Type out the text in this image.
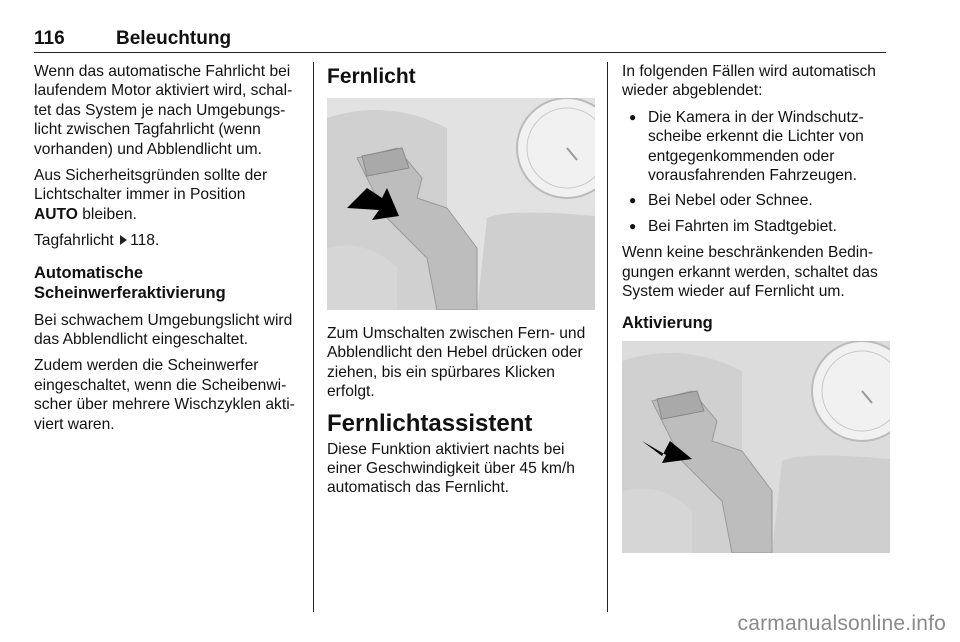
116	Beleuchtung

Wenn das automatische Fahrlicht bei laufendem Motor aktiviert wird, schal-tet das System je nach Umgebungs-licht zwischen Tagfahrlicht (wenn vorhanden) und Abblendlicht um.

Aus Sicherheitsgründen sollte der Lichtschalter immer in Position
AUTO bleiben.

Tagfahrlicht 118.

Automatische Scheinwerferaktivierung

Bei schwachem Umgebungslicht wird das Abblendlicht eingeschaltet.

Zudem werden die Scheinwerfer eingeschaltet, wenn die Scheibenwi-scher über mehrere Wischzyklen akti-viert waren.

Fernlicht

Zum Umschalten zwischen Fern- und Abblendlicht den Hebel drücken oder ziehen, bis ein spürbares Klicken erfolgt.

Fernlichtassistent

Diese Funktion aktiviert nachts bei einer Geschwindigkeit über 45 km/h automatisch das Fernlicht.

In folgenden Fällen wird automatisch wieder abgeblendet:

● Die Kamera in der Windschutz-scheibe erkennt die Lichter von entgegenkommenden oder vorausfahrenden Fahrzeugen.
● Bei Nebel oder Schnee.
● Bei Fahrten im Stadtgebiet.

Wenn keine beschränkenden Bedin-gungen erkannt werden, schaltet das System wieder auf Fernlicht um.

Aktivierung
carmanualsonline.info
